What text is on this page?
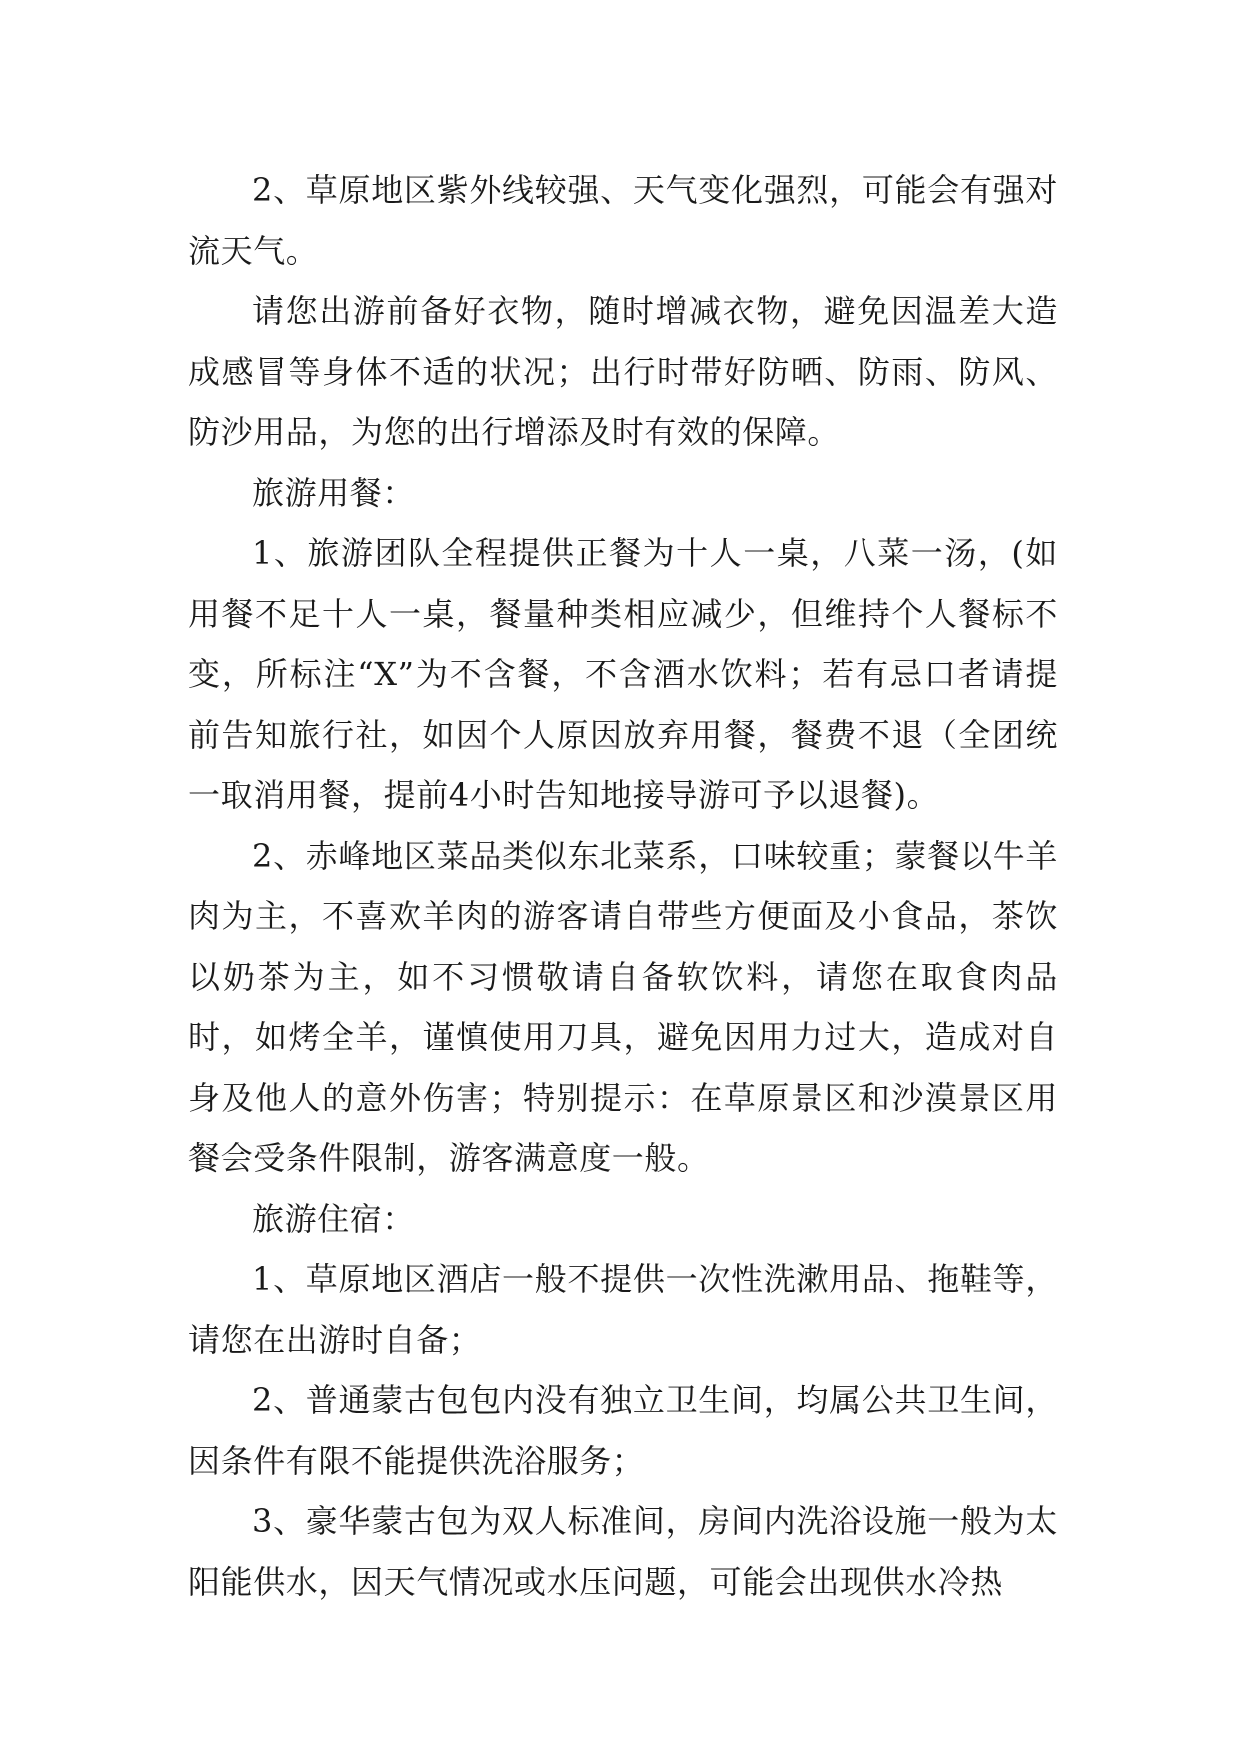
2、草原地区紫外线较强、天气变化强烈，可能会有强对流天气。

请您出游前备好衣物，随时增减衣物，避免因温差大造成感冒等身体不适的状况；出行时带好防晒、防雨、防风、防沙用品，为您的出行增添及时有效的保障。

旅游用餐：

1、旅游团队全程提供正餐为十人一桌，八菜一汤，(如用餐不足十人一桌，餐量种类相应减少，但维持个人餐标不变，所标注“X”为不含餐，不含酒水饮料；若有忌口者请提前告知旅行社，如因个人原因放弃用餐，餐费不退（全团统一取消用餐，提前4小时告知地接导游可予以退餐)。

2、赤峰地区菜品类似东北菜系，口味较重；蒙餐以牛羊肉为主，不喜欢羊肉的游客请自带些方便面及小食品，茶饮以奶茶为主，如不习惯敬请自备软饮料，请您在取食肉品时，如烤全羊，谨慎使用刀具，避免因用力过大，造成对自身及他人的意外伤害；特别提示：在草原景区和沙漠景区用餐会受条件限制，游客满意度一般。

旅游住宿：

1、草原地区酒店一般不提供一次性洗漱用品、拖鞋等，请您在出游时自备；

2、普通蒙古包包内没有独立卫生间，均属公共卫生间，因条件有限不能提供洗浴服务；

3、豪华蒙古包为双人标准间，房间内洗浴设施一般为太阳能供水，因天气情况或水压问题，可能会出现供水冷热
